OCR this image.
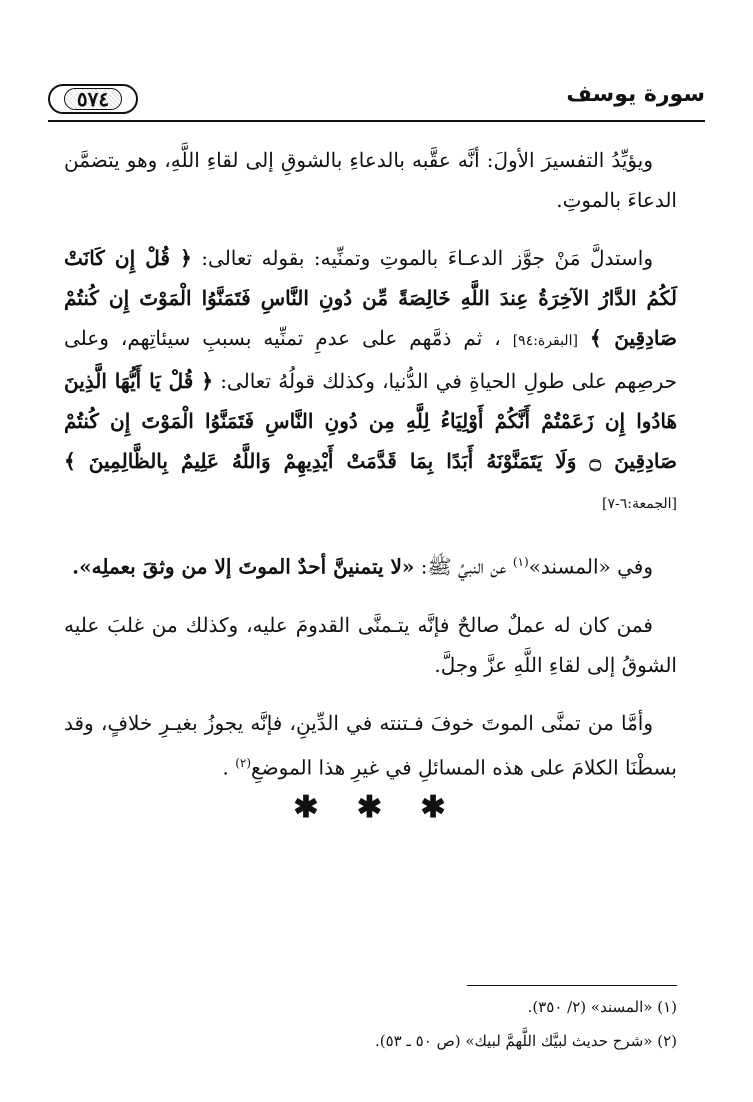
٥٧٤	سورة يوسف

ويؤيِّدُ التفسيرَ الأولَ: أنَّه عقَّبه بالدعاءِ بالشوقِ إلى لقاءِ اللَّهِ، وهو يتضمَّن الدعاءَ بالموتِ.

واستدلَّ مَنْ جوَّز الدعـاءَ بالموتِ وتمنِّيه: بقوله تعالى: ﴿ قُلْ إِن كَانَتْ لَكُمُ الدَّارُ الآخِرَةُ عِندَ اللَّهِ خَالِصَةً مِّن دُونِ النَّاسِ فَتَمَنَّوُا الْمَوْتَ إِن كُنتُمْ صَادِقِينَ ﴾ [البقرة:٩٤] ، ثم ذمَّهم على عدمِ تمنِّيه بسببِ سيئاتِهم، وعلى حرصِهم على طولِ الحياةِ في الدُّنيا، وكذلك قولُهُ تعالى: ﴿ قُلْ يَا أَيُّهَا الَّذِينَ هَادُوا إِن زَعَمْتُمْ أَنَّكُمْ أَوْلِيَاءُ لِلَّهِ مِن دُونِ النَّاسِ فَتَمَنَّوُا الْمَوْتَ إِن كُنتُمْ صَادِقِينَ ۝ وَلَا يَتَمَنَّوْنَهُ أَبَدًا بِمَا قَدَّمَتْ أَيْدِيهِمْ وَاللَّهُ عَلِيمٌ بِالظَّالِمِينَ ﴾ [الجمعة:٦-٧]

وفي «المسند»$^{(١)}$ عن النبيِّ ﷺ: «لا يتمنينَّ أحدٌ الموتَ إلا من وثقَ بعملِه».

فمن كان له عملٌ صالحٌ فإنَّه يتـمنَّى القدومَ عليه، وكذلك من غلبَ عليه الشوقُ إلى لقاءِ اللَّهِ عزَّ وجلَّ.

وأمَّا من تمنَّى الموتَ خوفَ فـتنته في الدِّينِ، فإنَّه يجوزُ بغيـرِ خلافٍ، وقد بسطْنَا الكلامَ على هذه المسائلِ في غيرِ هذا الموضعِ$^{(٢)}$ .

✱ ✱ ✱
(١) «المسند» (٢/ ٣٥٠).
(٢) «شرح حديث لبيَّك اللَّهمَّ لبيك» (ص ٥٠ ـ ٥٣).
